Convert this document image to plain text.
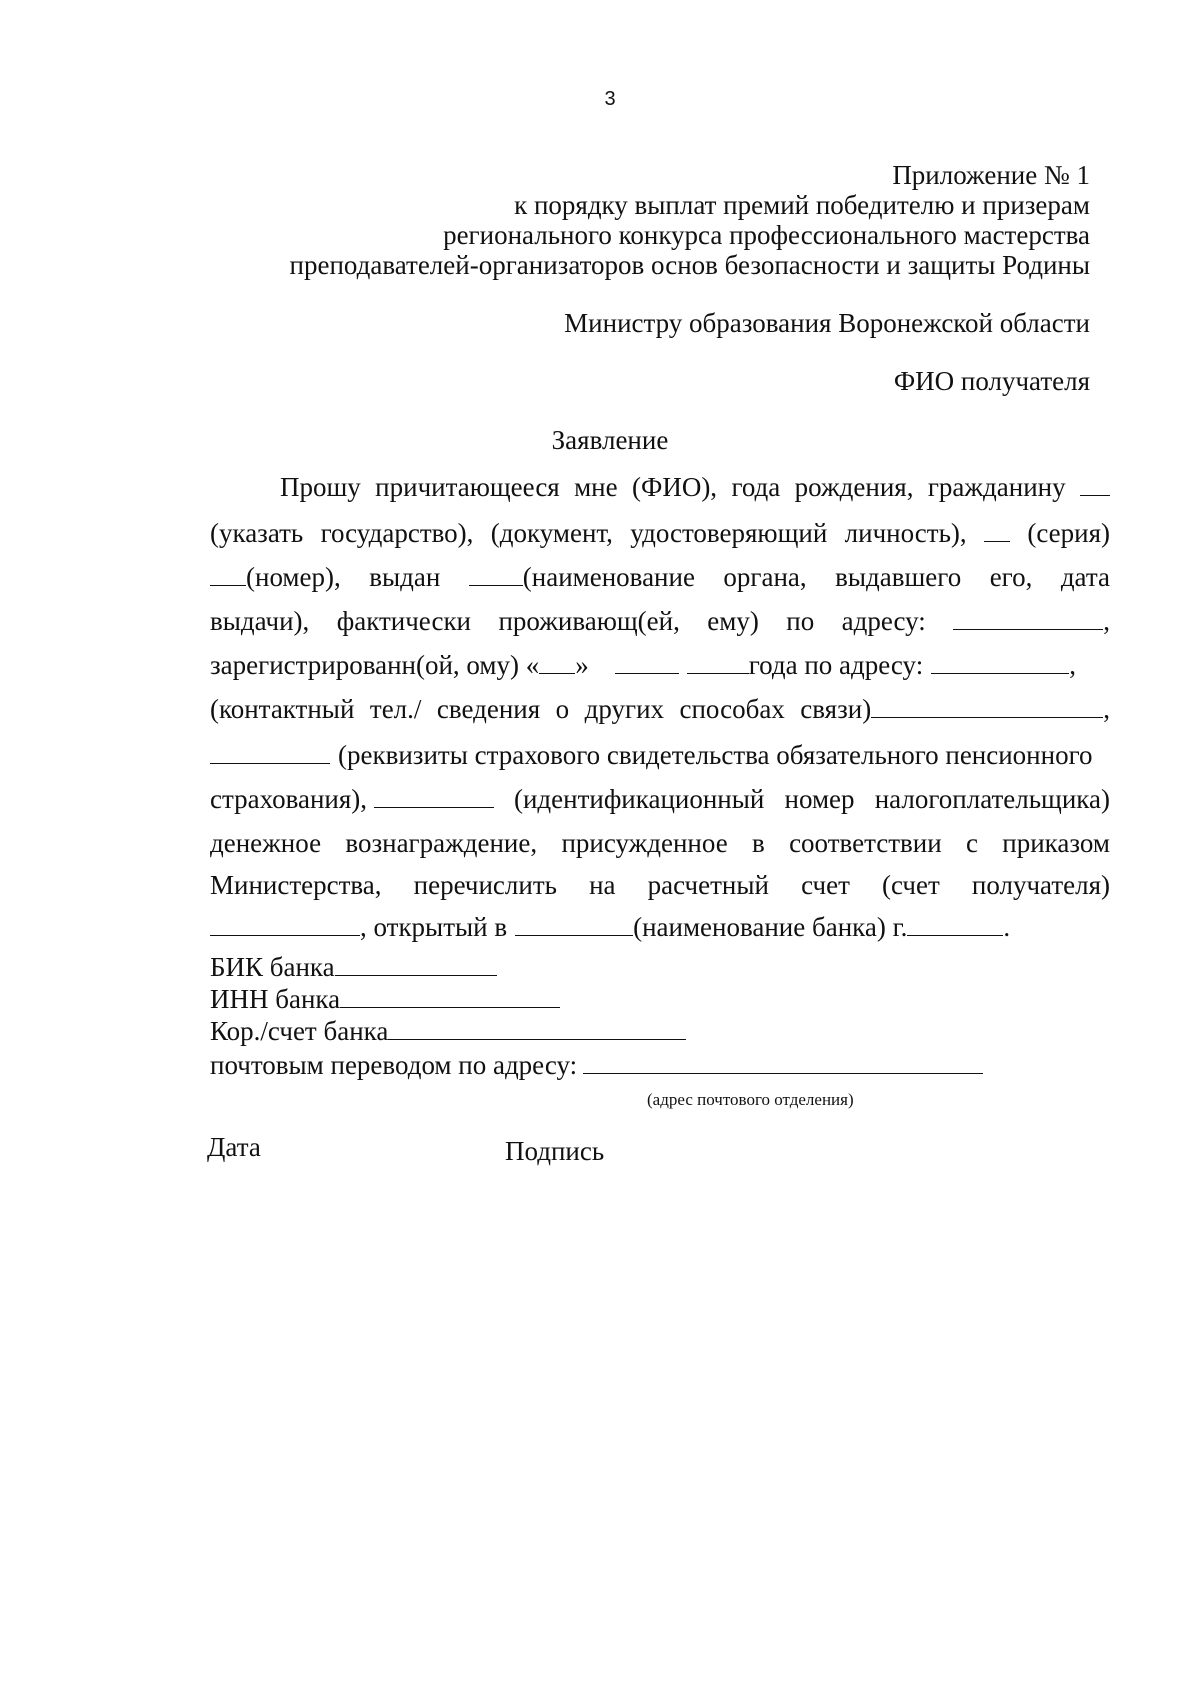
3
Приложение № 1
к порядку выплат премий победителю и призерам
регионального конкурса профессионального мастерства
преподавателей-организаторов основ безопасности и защиты Родины
Министру образования Воронежской области
ФИО получателя
Заявление
Прошу причитающееся мне (ФИО), года рождения, гражданину
(указать государство), (документ, удостоверяющий личность), (серия)
(номер), выдан	(наименование органа, выдавшего его, дата
выдачи), фактически проживающ(ей, ему) по адресу:	,
зарегистрированн(ой, ому) « »	года по адресу:	,
(контактный тел./ сведения о других способах связи)	,
(реквизиты страхового свидетельства обязательного пенсионного
страхования),	(идентификационный номер налогоплательщика)
денежное вознаграждение, присужденное в соответствии с приказом
Министерства, перечислить на расчетный счет (счет получателя)
, открытый в	(наименование банка) г.	.
БИК банка
ИНН банка
Кор./счет банка
почтовым переводом по адресу:
(адрес почтового отделения)
Дата	Подпись
